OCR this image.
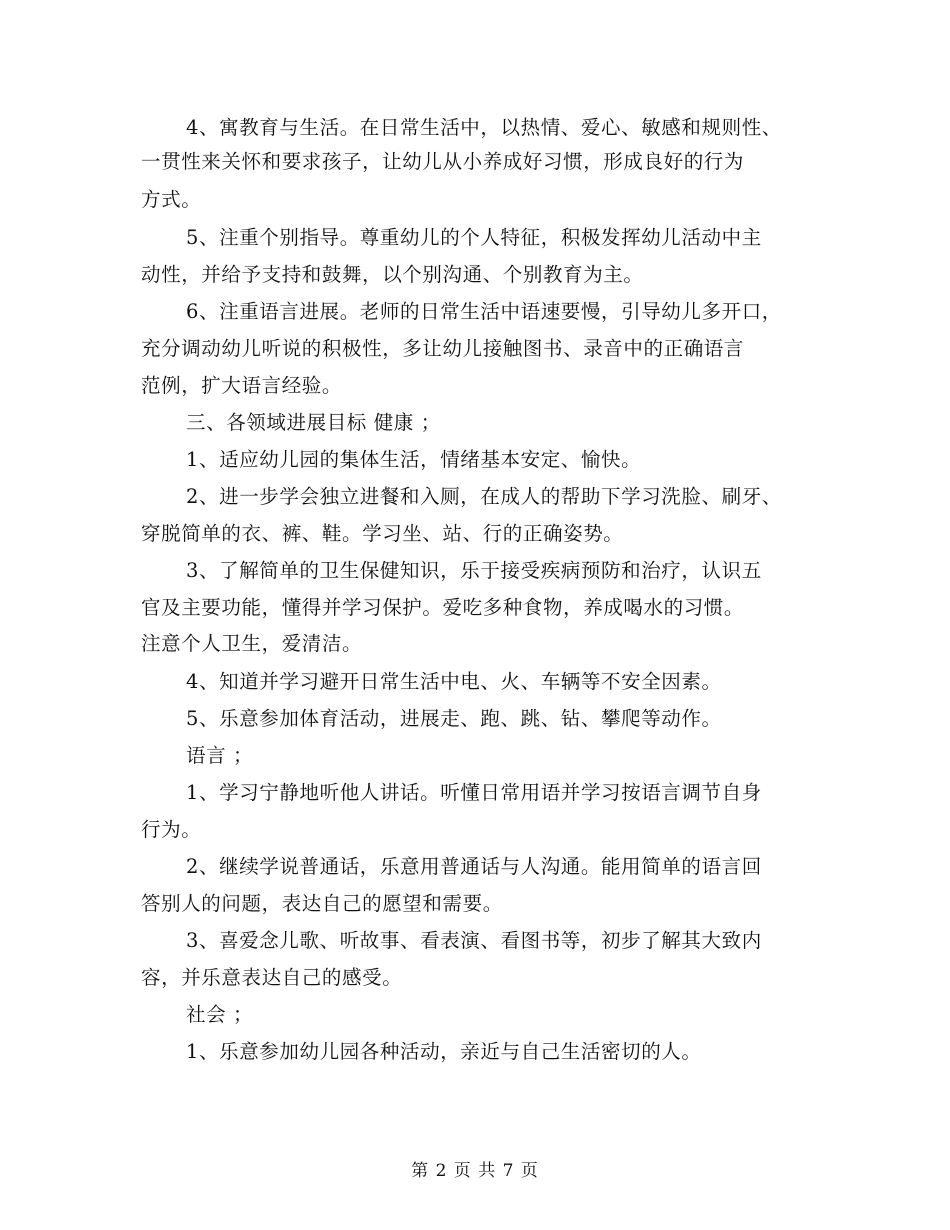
4、寓教育与生活。在日常生活中，以热情、爱心、敏感和规则性、
一贯性来关怀和要求孩子，让幼儿从小养成好习惯，形成良好的行为
方式。
5、注重个别指导。尊重幼儿的个人特征，积极发挥幼儿活动中主
动性，并给予支持和鼓舞，以个别沟通、个别教育为主。
6、注重语言进展。老师的日常生活中语速要慢，引导幼儿多开口，
充分调动幼儿听说的积极性，多让幼儿接触图书、录音中的正确语言
范例，扩大语言经验。
三、各领域进展目标 健康 ；
1、适应幼儿园的集体生活，情绪基本安定、愉快。
2、进一步学会独立进餐和入厕，在成人的帮助下学习洗脸、刷牙、
穿脱简单的衣、裤、鞋。学习坐、站、行的正确姿势。
3、了解简单的卫生保健知识，乐于接受疾病预防和治疗，认识五
官及主要功能，懂得并学习保护。爱吃多种食物，养成喝水的习惯。
注意个人卫生，爱清洁。
4、知道并学习避开日常生活中电、火、车辆等不安全因素。
5、乐意参加体育活动，进展走、跑、跳、钻、攀爬等动作。
语言 ；
1、学习宁静地听他人讲话。听懂日常用语并学习按语言调节自身
行为。
2、继续学说普通话，乐意用普通话与人沟通。能用简单的语言回
答别人的问题，表达自己的愿望和需要。
3、喜爱念儿歌、听故事、看表演、看图书等，初步了解其大致内
容，并乐意表达自己的感受。
社会 ；
1、乐意参加幼儿园各种活动，亲近与自己生活密切的人。
第 2 页 共 7 页
